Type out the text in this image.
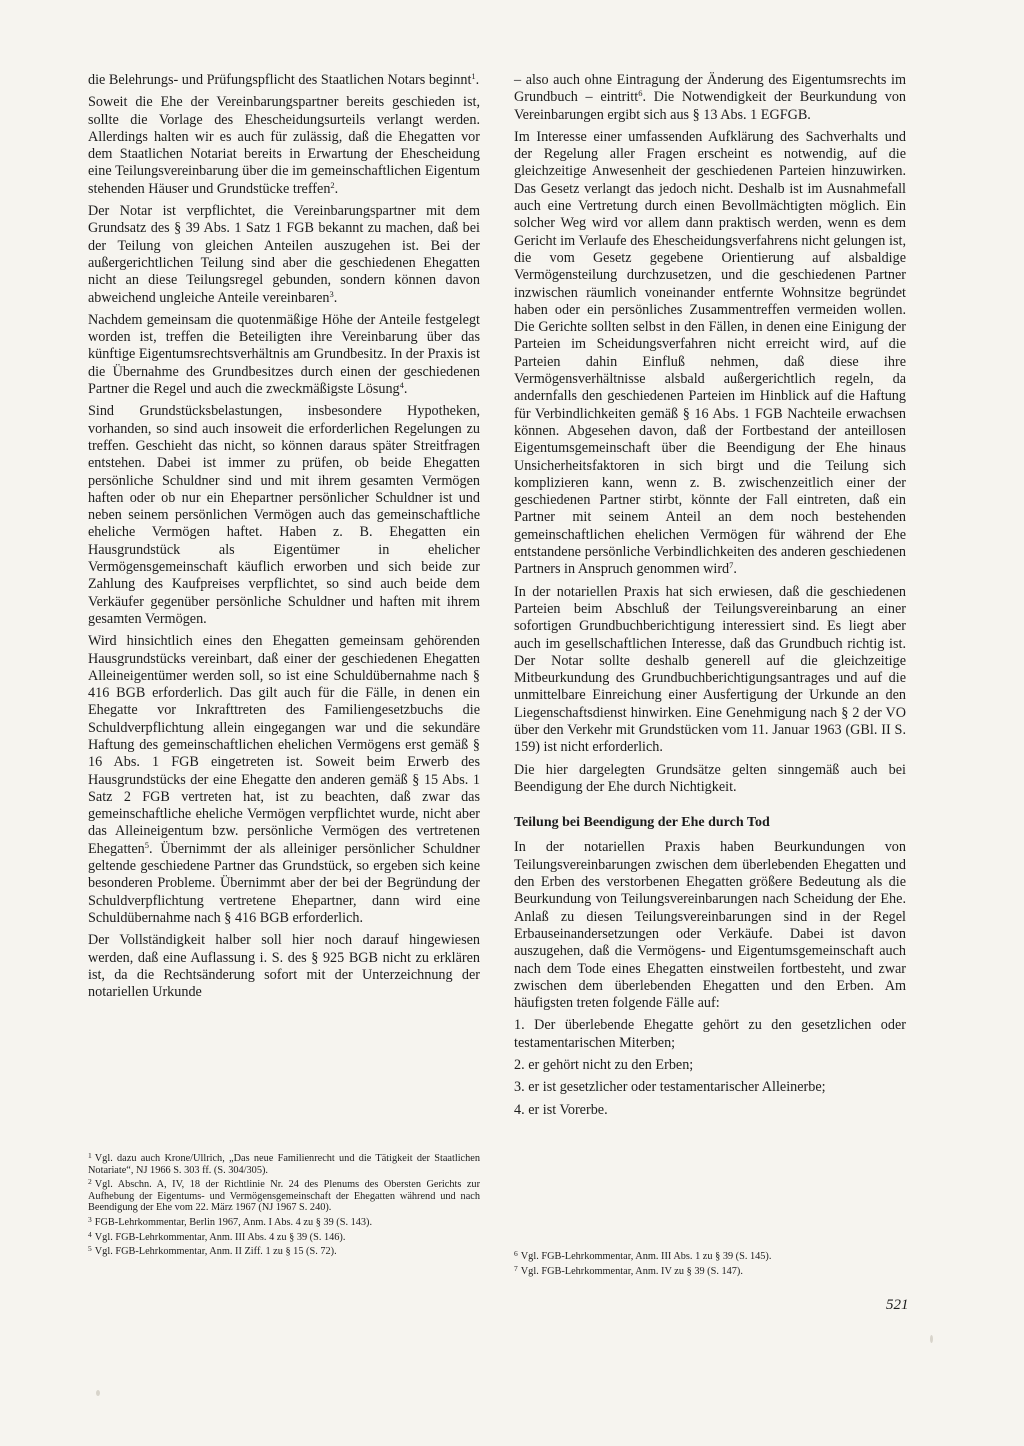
die Belehrungs- und Prüfungspflicht des Staatlichen Notars beginnt$^1$.

Soweit die Ehe der Vereinbarungspartner bereits geschieden ist, sollte die Vorlage des Ehescheidungsurteils verlangt werden. Allerdings halten wir es auch für zulässig, daß die Ehegatten vor dem Staatlichen Notariat bereits in Erwartung der Ehescheidung eine Teilungsvereinbarung über die im gemeinschaftlichen Eigentum stehenden Häuser und Grundstücke treffen$^2$.

Der Notar ist verpflichtet, die Vereinbarungspartner mit dem Grundsatz des § 39 Abs. 1 Satz 1 FGB bekannt zu machen, daß bei der Teilung von gleichen Anteilen auszugehen ist. Bei der außergerichtlichen Teilung sind aber die geschiedenen Ehegatten nicht an diese Teilungsregel gebunden, sondern können davon abweichend ungleiche Anteile vereinbaren$^3$.

Nachdem gemeinsam die quotenmäßige Höhe der Anteile festgelegt worden ist, treffen die Beteiligten ihre Vereinbarung über das künftige Eigentumsrechtsverhältnis am Grundbesitz. In der Praxis ist die Übernahme des Grundbesitzes durch einen der geschiedenen Partner die Regel und auch die zweckmäßigste Lösung$^4$.

Sind Grundstücksbelastungen, insbesondere Hypotheken, vorhanden, so sind auch insoweit die erforderlichen Regelungen zu treffen. Geschieht das nicht, so können daraus später Streitfragen entstehen. Dabei ist immer zu prüfen, ob beide Ehegatten persönliche Schuldner sind und mit ihrem gesamten Vermögen haften oder ob nur ein Ehepartner persönlicher Schuldner ist und neben seinem persönlichen Vermögen auch das gemeinschaftliche eheliche Vermögen haftet. Haben z. B. Ehegatten ein Hausgrundstück als Eigentümer in ehelicher Vermögensgemeinschaft käuflich erworben und sich beide zur Zahlung des Kaufpreises verpflichtet, so sind auch beide dem Verkäufer gegenüber persönliche Schuldner und haften mit ihrem gesamten Vermögen.

Wird hinsichtlich eines den Ehegatten gemeinsam gehörenden Hausgrundstücks vereinbart, daß einer der geschiedenen Ehegatten Alleineigentümer werden soll, so ist eine Schuldübernahme nach § 416 BGB erforderlich. Das gilt auch für die Fälle, in denen ein Ehegatte vor Inkrafttreten des Familiengesetzbuchs die Schuldverpflichtung allein eingegangen war und die sekundäre Haftung des gemeinschaftlichen ehelichen Vermögens erst gemäß § 16 Abs. 1 FGB eingetreten ist. Soweit beim Erwerb des Hausgrundstücks der eine Ehegatte den anderen gemäß § 15 Abs. 1 Satz 2 FGB vertreten hat, ist zu beachten, daß zwar das gemeinschaftliche eheliche Vermögen verpflichtet wurde, nicht aber das Alleineigentum bzw. persönliche Vermögen des vertretenen Ehegatten$^5$. Übernimmt der als alleiniger persönlicher Schuldner geltende geschiedene Partner das Grundstück, so ergeben sich keine besonderen Probleme. Übernimmt aber der bei der Begründung der Schuldverpflichtung vertretene Ehepartner, dann wird eine Schuldübernahme nach § 416 BGB erforderlich.

Der Vollständigkeit halber soll hier noch darauf hingewiesen werden, daß eine Auflassung i. S. des § 925 BGB nicht zu erklären ist, da die Rechtsänderung sofort mit der Unterzeichnung der notariellen Urkunde

$^1$ Vgl. dazu auch Krone/Ullrich, „Das neue Familienrecht und die Tätigkeit der Staatlichen Notariate“, NJ 1966 S. 303 ff. (S. 304/305).
$^2$ Vgl. Abschn. A, IV, 18 der Richtlinie Nr. 24 des Plenums des Obersten Gerichts zur Aufhebung der Eigentums- und Vermögensgemeinschaft der Ehegatten während und nach Beendigung der Ehe vom 22. März 1967 (NJ 1967 S. 240).
$^3$ FGB-Lehrkommentar, Berlin 1967, Anm. I Abs. 4 zu § 39 (S. 143).
$^4$ Vgl. FGB-Lehrkommentar, Anm. III Abs. 4 zu § 39 (S. 146).
$^5$ Vgl. FGB-Lehrkommentar, Anm. II Ziff. 1 zu § 15 (S. 72).

– also auch ohne Eintragung der Änderung des Eigentumsrechts im Grundbuch – eintritt$^6$. Die Notwendigkeit der Beurkundung von Vereinbarungen ergibt sich aus § 13 Abs. 1 EGFGB.

Im Interesse einer umfassenden Aufklärung des Sachverhalts und der Regelung aller Fragen erscheint es notwendig, auf die gleichzeitige Anwesenheit der geschiedenen Parteien hinzuwirken. Das Gesetz verlangt das jedoch nicht. Deshalb ist im Ausnahmefall auch eine Vertretung durch einen Bevollmächtigten möglich. Ein solcher Weg wird vor allem dann praktisch werden, wenn es dem Gericht im Verlaufe des Ehescheidungsverfahrens nicht gelungen ist, die vom Gesetz gegebene Orientierung auf alsbaldige Vermögensteilung durchzusetzen, und die geschiedenen Partner inzwischen räumlich voneinander entfernte Wohnsitze begründet haben oder ein persönliches Zusammentreffen vermeiden wollen. Die Gerichte sollten selbst in den Fällen, in denen eine Einigung der Parteien im Scheidungsverfahren nicht erreicht wird, auf die Parteien dahin Einfluß nehmen, daß diese ihre Vermögensverhältnisse alsbald außergerichtlich regeln, da andernfalls den geschiedenen Parteien im Hinblick auf die Haftung für Verbindlichkeiten gemäß § 16 Abs. 1 FGB Nachteile erwachsen können. Abgesehen davon, daß der Fortbestand der anteillosen Eigentumsgemeinschaft über die Beendigung der Ehe hinaus Unsicherheitsfaktoren in sich birgt und die Teilung sich komplizieren kann, wenn z. B. zwischenzeitlich einer der geschiedenen Partner stirbt, könnte der Fall eintreten, daß ein Partner mit seinem Anteil an dem noch bestehenden gemeinschaftlichen ehelichen Vermögen für während der Ehe entstandene persönliche Verbindlichkeiten des anderen geschiedenen Partners in Anspruch genommen wird$^7$.

In der notariellen Praxis hat sich erwiesen, daß die geschiedenen Parteien beim Abschluß der Teilungsvereinbarung an einer sofortigen Grundbuchberichtigung interessiert sind. Es liegt aber auch im gesellschaftlichen Interesse, daß das Grundbuch richtig ist. Der Notar sollte deshalb generell auf die gleichzeitige Mitbeurkundung des Grundbuchberichtigungsantrages und auf die unmittelbare Einreichung einer Ausfertigung der Urkunde an den Liegenschaftsdienst hinwirken. Eine Genehmigung nach § 2 der VO über den Verkehr mit Grundstücken vom 11. Januar 1963 (GBl. II S. 159) ist nicht erforderlich.

Die hier dargelegten Grundsätze gelten sinngemäß auch bei Beendigung der Ehe durch Nichtigkeit.

Teilung bei Beendigung der Ehe durch Tod

In der notariellen Praxis haben Beurkundungen von Teilungsvereinbarungen zwischen dem überlebenden Ehegatten und den Erben des verstorbenen Ehegatten größere Bedeutung als die Beurkundung von Teilungsvereinbarungen nach Scheidung der Ehe. Anlaß zu diesen Teilungsvereinbarungen sind in der Regel Erbauseinandersetzungen oder Verkäufe. Dabei ist davon auszugehen, daß die Vermögens- und Eigentumsgemeinschaft auch nach dem Tode eines Ehegatten einstweilen fortbesteht, und zwar zwischen dem überlebenden Ehegatten und den Erben. Am häufigsten treten folgende Fälle auf:

1. Der überlebende Ehegatte gehört zu den gesetzlichen oder testamentarischen Miterben;
2. er gehört nicht zu den Erben;
3. er ist gesetzlicher oder testamentarischer Alleinerbe;
4. er ist Vorerbe.
$^6$ Vgl. FGB-Lehrkommentar, Anm. III Abs. 1 zu § 39 (S. 145).
$^7$ Vgl. FGB-Lehrkommentar, Anm. IV zu § 39 (S. 147).
521
